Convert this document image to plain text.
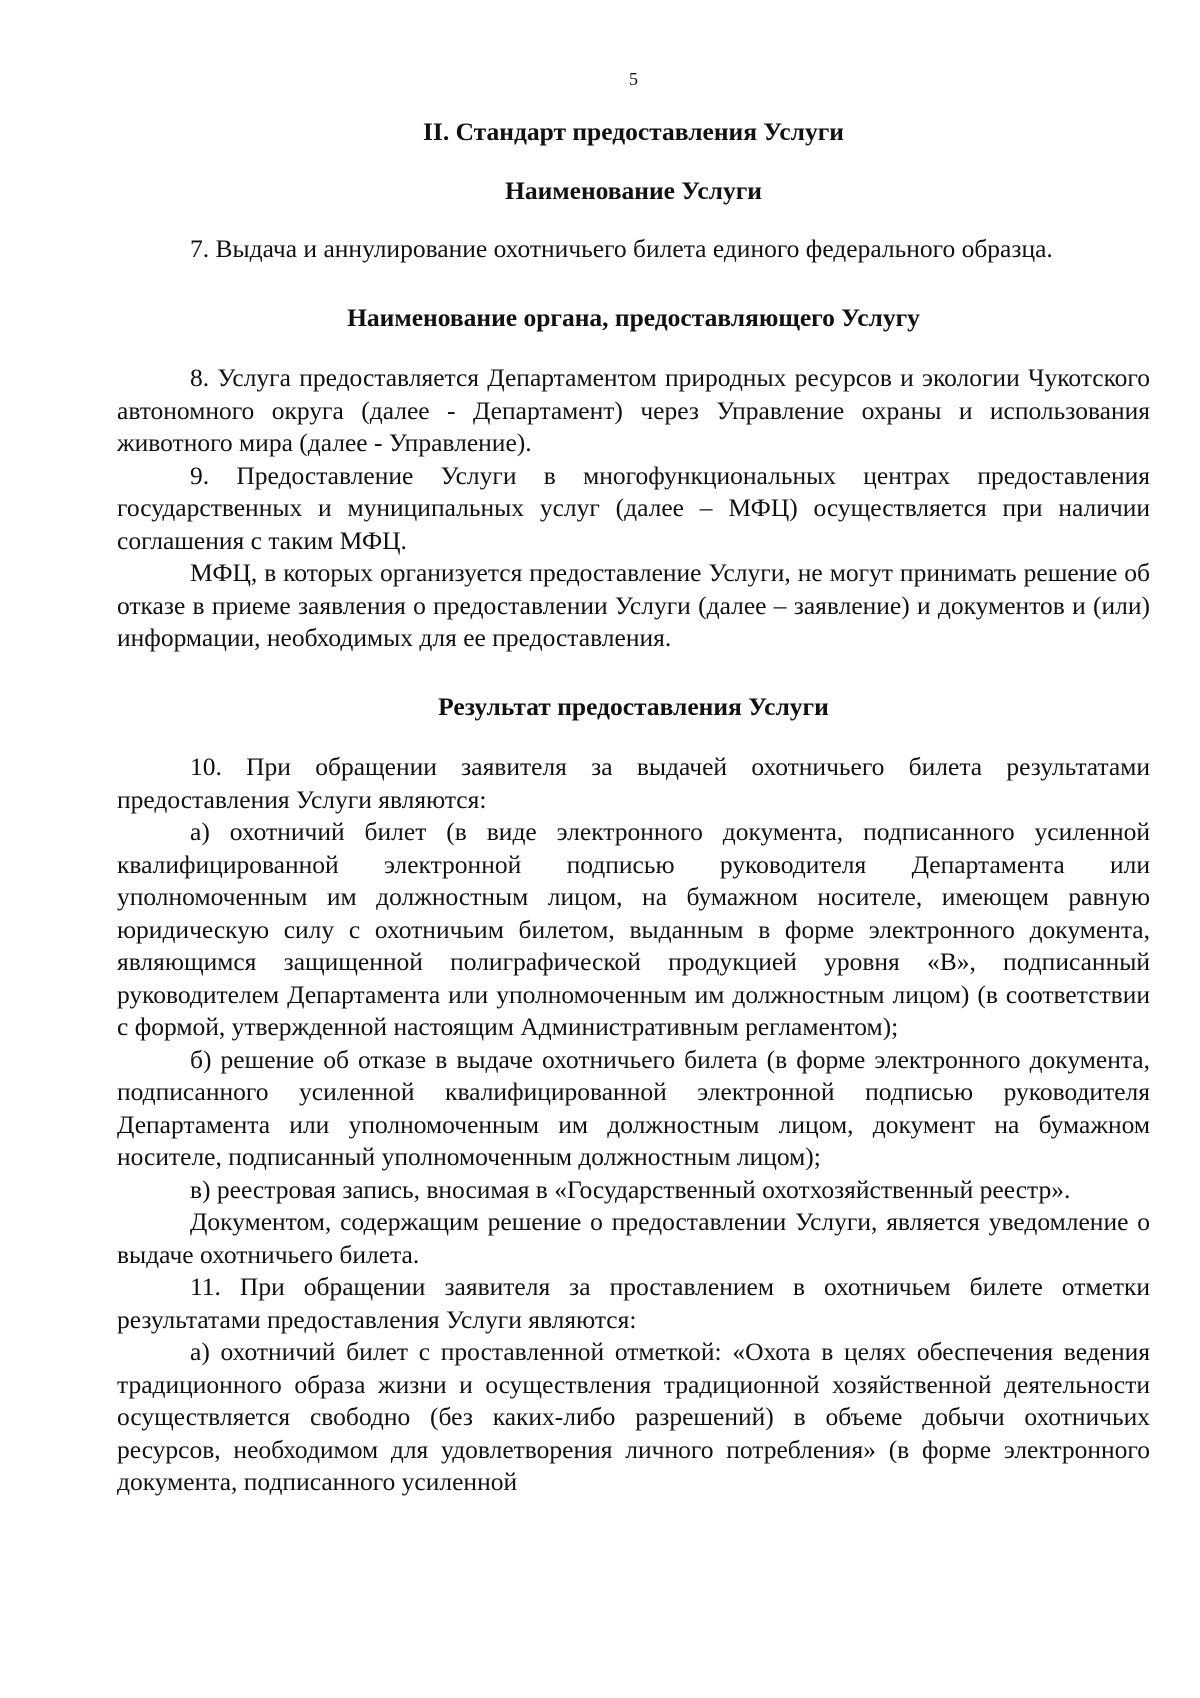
5
II. Стандарт предоставления Услуги
Наименование Услуги

7. Выдача и аннулирование охотничьего билета единого федерального образца.

Наименование органа, предоставляющего Услугу

8. Услуга предоставляется Департаментом природных ресурсов и экологии Чукотского автономного округа (далее - Департамент) через Управление охраны и использования животного мира (далее - Управление).

9. Предоставление Услуги в многофункциональных центрах предоставления государственных и муниципальных услуг (далее – МФЦ) осуществляется при наличии соглашения с таким МФЦ.

МФЦ, в которых организуется предоставление Услуги, не могут принимать решение об отказе в приеме заявления о предоставлении Услуги (далее – заявление) и документов и (или) информации, необходимых для ее предоставления.

Результат предоставления Услуги

10. При обращении заявителя за выдачей охотничьего билета результатами предоставления Услуги являются:

а) охотничий билет (в виде электронного документа, подписанного усиленной квалифицированной электронной подписью руководителя Департамента или уполномоченным им должностным лицом, на бумажном носителе, имеющем равную юридическую силу с охотничьим билетом, выданным в форме электронного документа, являющимся защищенной полиграфической продукцией уровня «В», подписанный руководителем Департамента или уполномоченным им должностным лицом) (в соответствии с формой, утвержденной настоящим Административным регламентом);

б) решение об отказе в выдаче охотничьего билета (в форме электронного документа, подписанного усиленной квалифицированной электронной подписью руководителя Департамента или уполномоченным им должностным лицом, документ на бумажном носителе, подписанный уполномоченным должностным лицом);

в) реестровая запись, вносимая в «Государственный охотхозяйственный реестр».

Документом, содержащим решение о предоставлении Услуги, является уведомление о выдаче охотничьего билета.

11. При обращении заявителя за проставлением в охотничьем билете отметки результатами предоставления Услуги являются:

а) охотничий билет с проставленной отметкой: «Охота в целях обеспечения ведения традиционного образа жизни и осуществления традиционной хозяйственной деятельности осуществляется свободно (без каких-либо разрешений) в объеме добычи охотничьих ресурсов, необходимом для удовлетворения личного потребления» (в форме электронного документа, подписанного усиленной
